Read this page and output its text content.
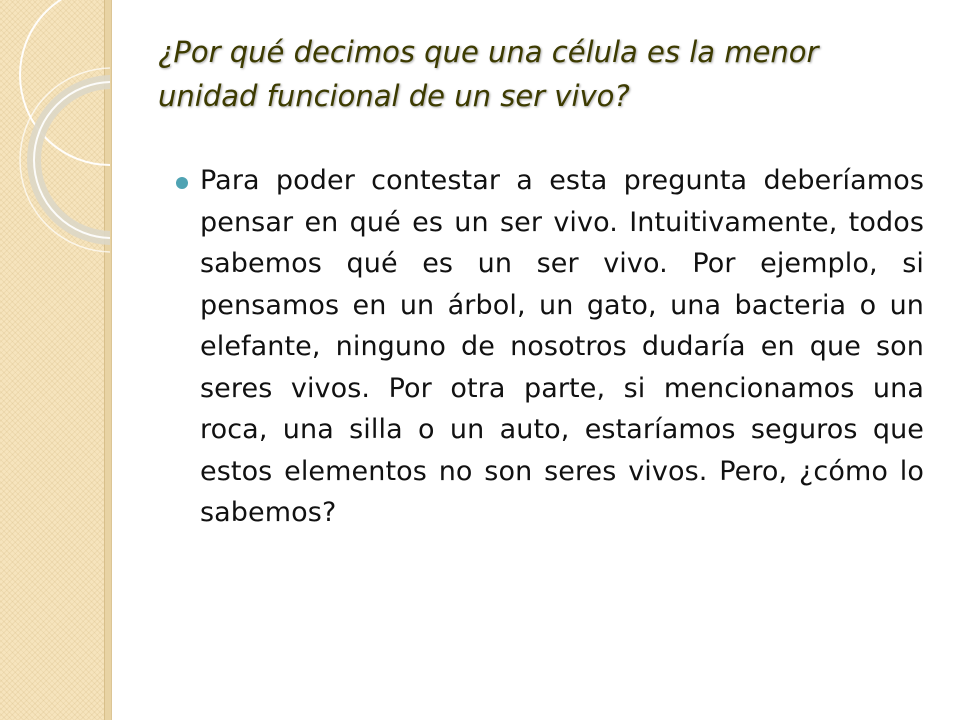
¿Por qué decimos que una célula es la menor unidad funcional de un ser vivo?

Para poder contestar a esta pregunta deberíamos pensar en qué es un ser vivo. Intuitivamente, todos sabemos qué es un ser vivo. Por ejemplo, si pensamos en un árbol, un gato, una bacteria o un elefante, ninguno de nosotros dudaría en que son seres vivos. Por otra parte, si mencionamos una roca, una silla o un auto, estaríamos seguros que estos elementos no son seres vivos. Pero, ¿cómo lo sabemos?
